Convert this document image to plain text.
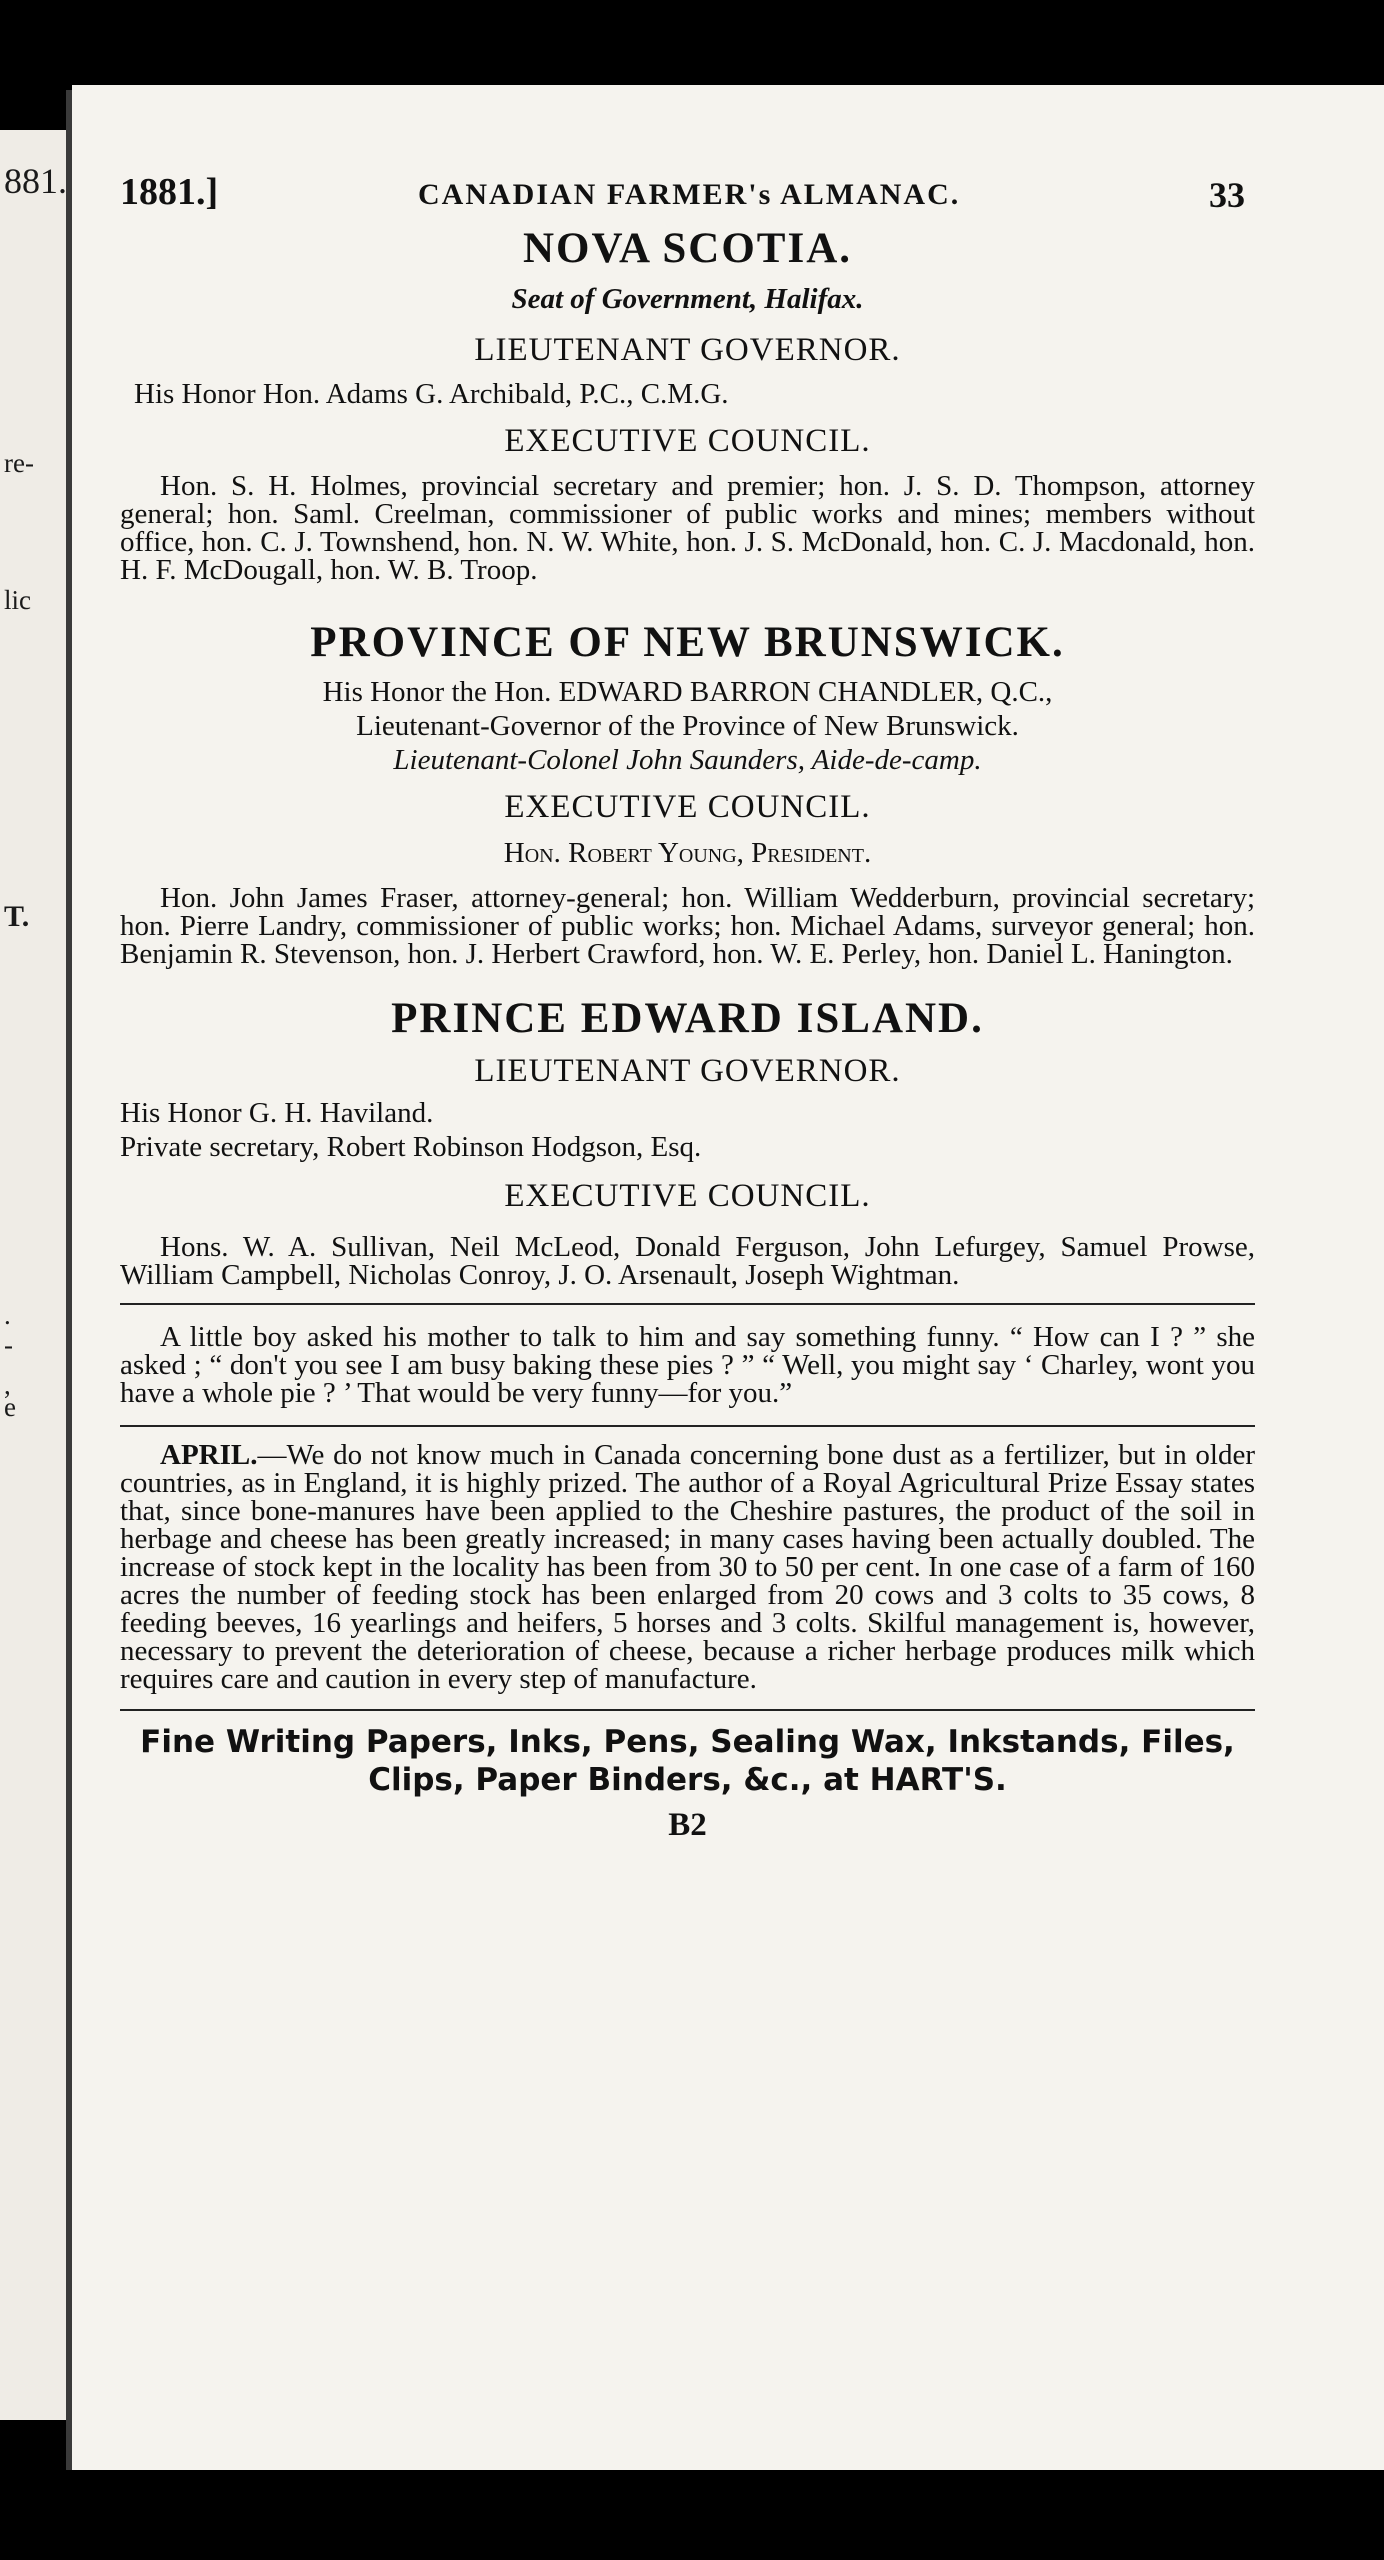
881.
re-
lic
T.
.
-
,
e
1881.]	CANADIAN FARMER's ALMANAC.	33
NOVA SCOTIA.
Seat of Government, Halifax.
LIEUTENANT GOVERNOR.
His Honor Hon. Adams G. Archibald, P.C., C.M.G.
EXECUTIVE COUNCIL.

Hon. S. H. Holmes, provincial secretary and premier; hon. J. S. D. Thompson, attorney general; hon. Saml. Creelman, commissioner of public works and mines; members without office, hon. C. J. Townshend, hon. N. W. White, hon. J. S. McDonald, hon. C. J. Macdonald, hon. H. F. McDougall, hon. W. B. Troop.

PROVINCE OF NEW BRUNSWICK.
His Honor the Hon. EDWARD BARRON CHANDLER, Q.C.,
Lieutenant-Governor of the Province of New Brunswick.
Lieutenant-Colonel John Saunders, Aide-de-camp.
EXECUTIVE COUNCIL.
Hon. Robert Young, President.

Hon. John James Fraser, attorney-general; hon. William Wedderburn, provincial secretary; hon. Pierre Landry, commissioner of public works; hon. Michael Adams, surveyor general; hon. Benjamin R. Stevenson, hon. J. Herbert Crawford, hon. W. E. Perley, hon. Daniel L. Hanington.

PRINCE EDWARD ISLAND.
LIEUTENANT GOVERNOR.
His Honor G. H. Haviland.
Private secretary, Robert Robinson Hodgson, Esq.
EXECUTIVE COUNCIL.

Hons. W. A. Sullivan, Neil McLeod, Donald Ferguson, John Lefurgey, Samuel Prowse, William Campbell, Nicholas Conroy, J. O. Arsenault, Joseph Wightman.

A little boy asked his mother to talk to him and say something funny. “ How can I ? ” she asked ; “ don't you see I am busy baking these pies ? ” “ Well, you might say ‘ Charley, wont you have a whole pie ? ’ That would be very funny—for you.”

APRIL.—We do not know much in Canada concerning bone dust as a fertilizer, but in older countries, as in England, it is highly prized. The author of a Royal Agricultural Prize Essay states that, since bone-manures have been applied to the Cheshire pastures, the product of the soil in herbage and cheese has been greatly increased; in many cases having been actually doubled. The increase of stock kept in the locality has been from 30 to 50 per cent. In one case of a farm of 160 acres the number of feeding stock has been enlarged from 20 cows and 3 colts to 35 cows, 8 feeding beeves, 16 yearlings and heifers, 5 horses and 3 colts. Skilful management is, however, necessary to prevent the deterioration of cheese, because a richer herbage produces milk which requires care and caution in every step of manufacture.

Fine Writing Papers, Inks, Pens, Sealing Wax, Inkstands, Files,
Clips, Paper Binders, &c., at HART'S.
B2
